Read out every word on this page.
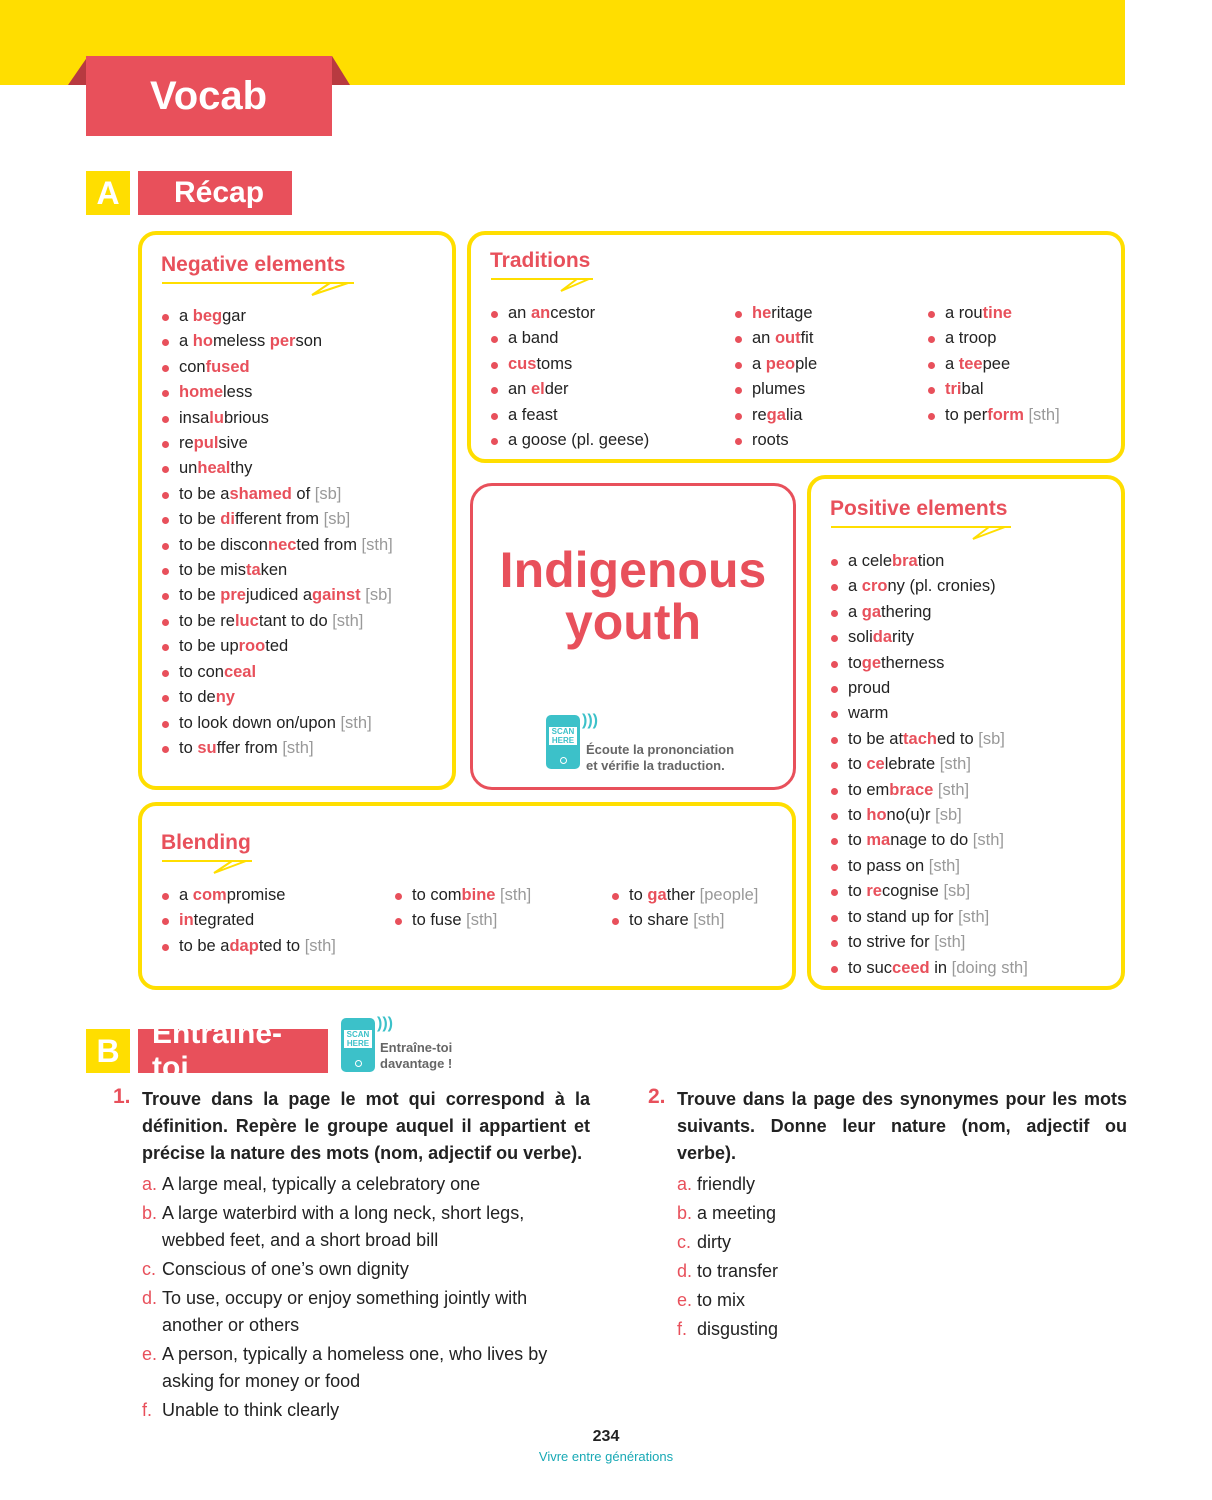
Vocab
A	Récap
Negative elements
a beggar
a homeless person
confused
homeless
insalubrious
repulsive
unhealthy
to be ashamed of [sb]
to be different from [sb]
to be disconnected from [sth]
to be mistaken
to be prejudiced against [sb]
to be reluctant to do [sth]
to be uprooted
to conceal
to deny
to look down on/upon [sth]
to suffer from [sth]
Traditions
an ancestor
a band
customs
an elder
a feast
a goose (pl. geese)
heritage
an outfit
a people
plumes
regalia
roots
a routine
a troop
a teepee
tribal
to perform [sth]
Indigenous
youth
SCAN HERE
)))
Écoute la prononciation
et vérifie la traduction.
Positive elements
a celebration
a crony (pl. cronies)
a gathering
solidarity
togetherness
proud
warm
to be attached to [sb]
to celebrate [sth]
to embrace [sth]
to hono(u)r [sb]
to manage to do [sth]
to pass on [sth]
to recognise [sb]
to stand up for [sth]
to strive for [sth]
to succeed in [doing sth]
Blending
a compromise
integrated
to be adapted to [sth]
to combine [sth]
to fuse [sth]
to gather [people]
to share [sth]
B	Entraîne-toi
SCAN HERE
)))
Entraîne-toi
davantage !
1. Trouve dans la page le mot qui correspond à la définition. Repère le groupe auquel il appartient et précise la nature des mots (nom, adjectif ou verbe).
a. A large meal, typically a celebratory one
b. A large waterbird with a long neck, short legs, webbed feet, and a short broad bill
c. Conscious of one’s own dignity
d. To use, occupy or enjoy something jointly with another or others
e. A person, typically a homeless one, who lives by asking for money or food
f. Unable to think clearly
2. Trouve dans la page des synonymes pour les mots suivants. Donne leur nature (nom, adjectif ou verbe).
a. friendly
b. a meeting
c. dirty
d. to transfer
e. to mix
f. disgusting
234
Vivre entre générations
